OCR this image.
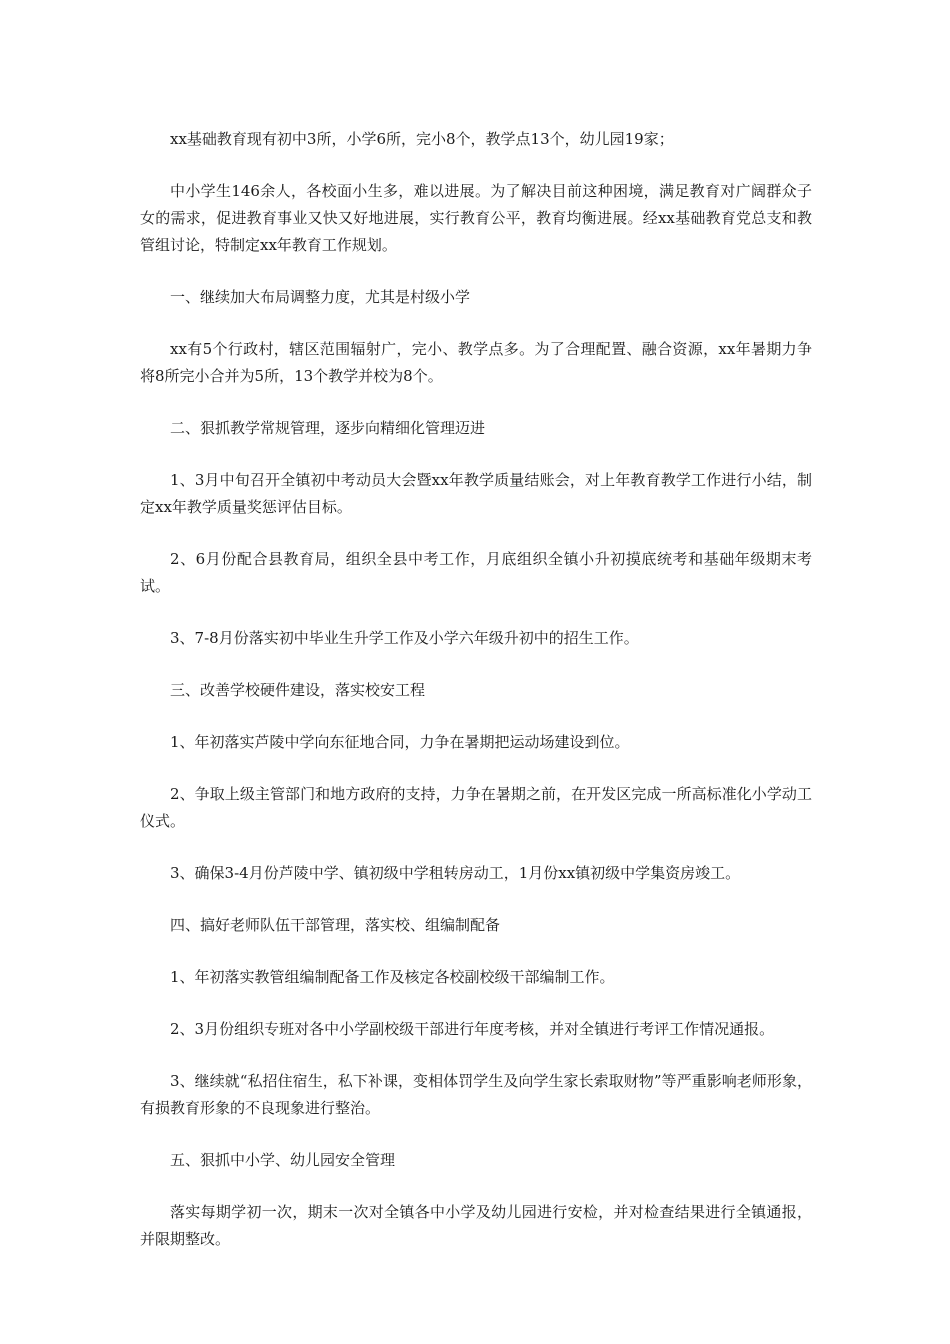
xx基础教育现有初中3所，小学6所，完小8个，教学点13个，幼儿园19家；

中小学生146余人，各校面小生多，难以进展。为了解决目前这种困境，满足教育对广阔群众子女的需求，促进教育事业又快又好地进展，实行教育公平，教育均衡进展。经xx基础教育党总支和教管组讨论，特制定xx年教育工作规划。

一、继续加大布局调整力度，尤其是村级小学

xx有5个行政村，辖区范围辐射广，完小、教学点多。为了合理配置、融合资源，xx年暑期力争将8所完小合并为5所，13个教学并校为8个。

二、狠抓教学常规管理，逐步向精细化管理迈进

1、3月中旬召开全镇初中考动员大会暨xx年教学质量结账会，对上年教育教学工作进行小结，制定xx年教学质量奖惩评估目标。

2、6月份配合县教育局，组织全县中考工作，月底组织全镇小升初摸底统考和基础年级期末考试。

3、7-8月份落实初中毕业生升学工作及小学六年级升初中的招生工作。

三、改善学校硬件建设，落实校安工程

1、年初落实芦陵中学向东征地合同，力争在暑期把运动场建设到位。

2、争取上级主管部门和地方政府的支持，力争在暑期之前，在开发区完成一所高标准化小学动工仪式。

3、确保3-4月份芦陵中学、镇初级中学租转房动工，1月份xx镇初级中学集资房竣工。

四、搞好老师队伍干部管理，落实校、组编制配备

1、年初落实教管组编制配备工作及核定各校副校级干部编制工作。

2、3月份组织专班对各中小学副校级干部进行年度考核，并对全镇进行考评工作情况通报。

3、继续就“私招住宿生，私下补课，变相体罚学生及向学生家长索取财物”等严重影响老师形象，有损教育形象的不良现象进行整治。

五、狠抓中小学、幼儿园安全管理

落实每期学初一次，期末一次对全镇各中小学及幼儿园进行安检，并对检查结果进行全镇通报，并限期整改。
